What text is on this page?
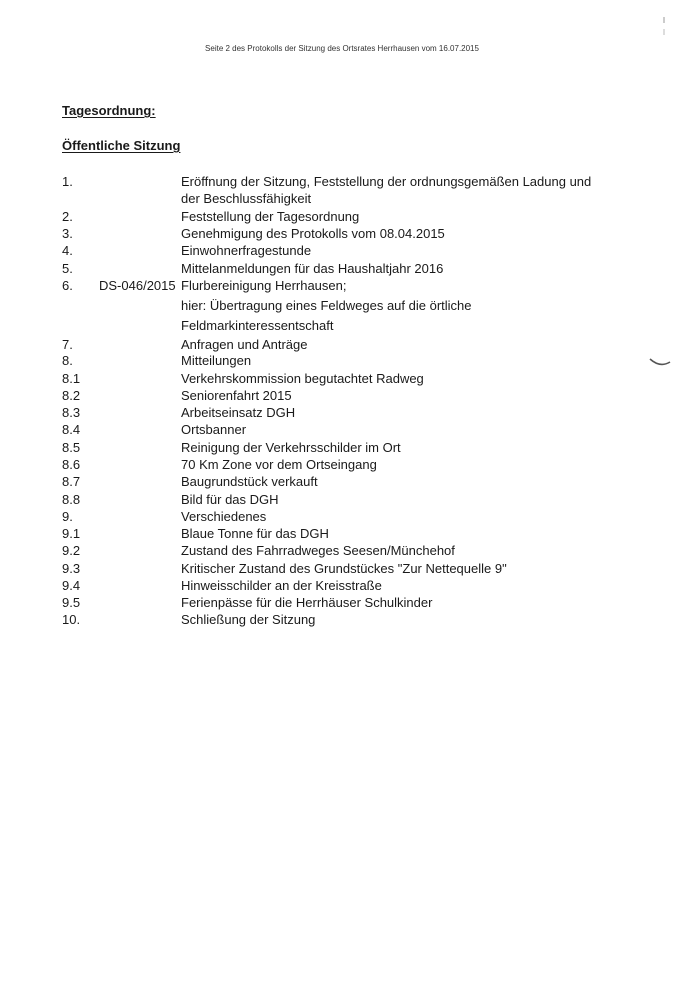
Seite 2 des Protokolls der Sitzung des Ortsrates Herrhausen vom 16.07.2015
Tagesordnung:
Öffentliche Sitzung
1.	Eröffnung der Sitzung, Feststellung der ordnungsgemäßen Ladung und
der Beschlussfähigkeit
2.	Feststellung der Tagesordnung
3.	Genehmigung des Protokolls vom 08.04.2015
4.	Einwohnerfragestunde
5.	Mittelanmeldungen für das Haushaltjahr 2016
6. DS-046/2015 Flurbereinigung Herrhausen;
hier: Übertragung eines Feldweges auf die örtliche
Feldmarkinteressentschaft
7.	Anfragen und Anträge
8.	Mitteilungen
8.1	Verkehrskommission begutachtet Radweg
8.2	Seniorenfahrt 2015
8.3	Arbeitseinsatz DGH
8.4	Ortsbanner
8.5	Reinigung der Verkehrsschilder im Ort
8.6	70 Km Zone vor dem Ortseingang
8.7	Baugrundstück verkauft
8.8	Bild für das DGH
9.	Verschiedenes
9.1	Blaue Tonne für das DGH
9.2	Zustand des Fahrradweges Seesen/Münchehof
9.3	Kritischer Zustand des Grundstückes "Zur Nettequelle 9"
9.4	Hinweisschilder an der Kreisstraße
9.5	Ferienpässe für die Herrhäuser Schulkinder
10.	Schließung der Sitzung
